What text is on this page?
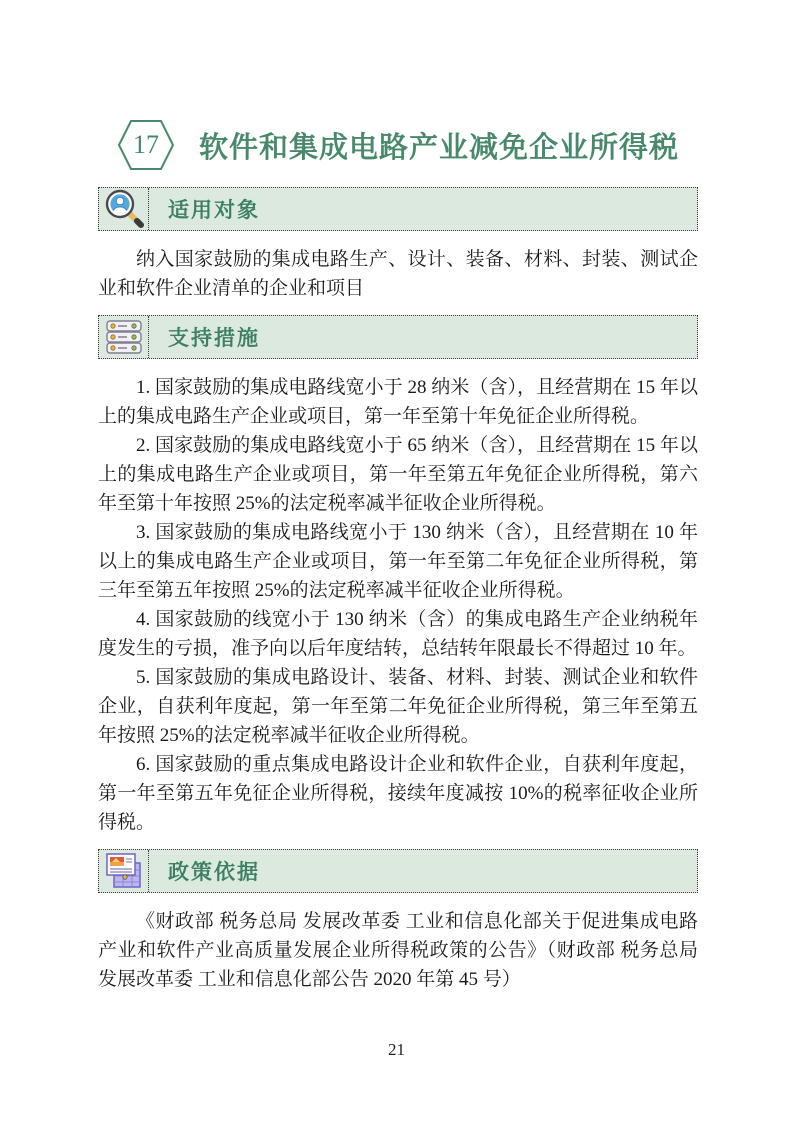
17	软件和集成电路产业减免企业所得税
适用对象

纳入国家鼓励的集成电路生产、设计、装备、材料、封装、测试企业和软件企业清单的企业和项目

支持措施

1. 国家鼓励的集成电路线宽小于 28 纳米（含），且经营期在 15 年以上的集成电路生产企业或项目，第一年至第十年免征企业所得税。

2. 国家鼓励的集成电路线宽小于 65 纳米（含），且经营期在 15 年以上的集成电路生产企业或项目，第一年至第五年免征企业所得税，第六年至第十年按照 25%的法定税率减半征收企业所得税。

3. 国家鼓励的集成电路线宽小于 130 纳米（含），且经营期在 10 年以上的集成电路生产企业或项目，第一年至第二年免征企业所得税，第三年至第五年按照 25%的法定税率减半征收企业所得税。

4. 国家鼓励的线宽小于 130 纳米（含）的集成电路生产企业纳税年度发生的亏损，准予向以后年度结转，总结转年限最长不得超过 10 年。

5. 国家鼓励的集成电路设计、装备、材料、封装、测试企业和软件企业，自获利年度起，第一年至第二年免征企业所得税，第三年至第五年按照 25%的法定税率减半征收企业所得税。

6. 国家鼓励的重点集成电路设计企业和软件企业，自获利年度起，第一年至第五年免征企业所得税，接续年度减按 10%的税率征收企业所得税。

政策依据

《财政部 税务总局 发展改革委 工业和信息化部关于促进集成电路产业和软件产业高质量发展企业所得税政策的公告》（财政部 税务总局 发展改革委 工业和信息化部公告 2020 年第 45 号）

21
